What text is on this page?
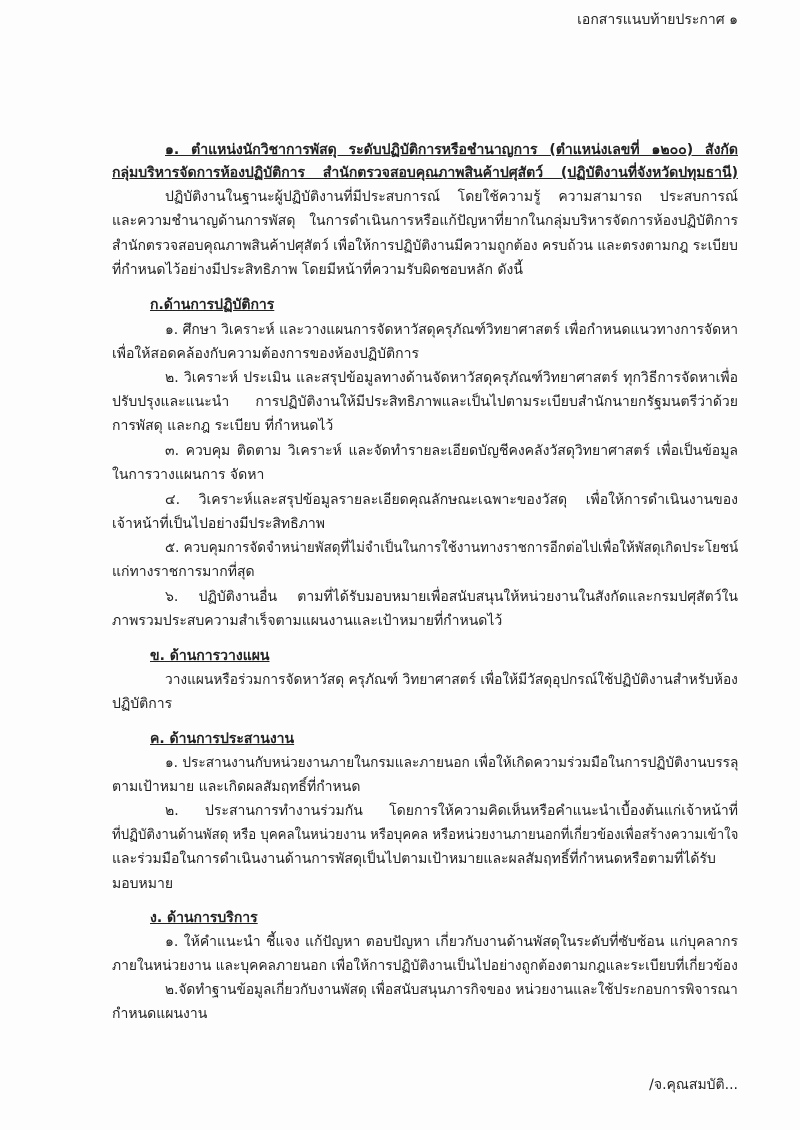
เอกสารแนบท้ายประกาศ ๑
/จ.คุณสมบัติ...
๑. ตำแหน่งนักวิชาการพัสดุ ระดับปฏิบัติการหรือชำนาญการ (ตำแหน่งเลขที่ ๑๒๐๐) สังกัด
กลุ่มบริหารจัดการห้องปฏิบัติการ สำนักตรวจสอบคุณภาพสินค้าปศุสัตว์ (ปฏิบัติงานที่จังหวัดปทุมธานี)
ปฏิบัติงานในฐานะผู้ปฏิบัติงานที่มีประสบการณ์ โดยใช้ความรู้ ความสามารถ ประสบการณ์
และความชำนาญด้านการพัสดุ ในการดำเนินการหรือแก้ปัญหาที่ยากในกลุ่มบริหารจัดการห้องปฏิบัติการ
สำนักตรวจสอบคุณภาพสินค้าปศุสัตว์ เพื่อให้การปฏิบัติงานมีความถูกต้อง ครบถ้วน และตรงตามกฎ ระเบียบ
ที่กำหนดไว้อย่างมีประสิทธิภาพ โดยมีหน้าที่ความรับผิดชอบหลัก ดังนี้
ก.ด้านการปฏิบัติการ
๑. ศึกษา วิเคราะห์ และวางแผนการจัดหาวัสดุครุภัณฑ์วิทยาศาสตร์ เพื่อกำหนดแนวทางการจัดหา
เพื่อให้สอดคล้องกับความต้องการของห้องปฏิบัติการ
๒. วิเคราะห์ ประเมิน และสรุปข้อมูลทางด้านจัดหาวัสดุครุภัณฑ์วิทยาศาสตร์ ทุกวิธีการจัดหาเพื่อ
ปรับปรุงและแนะนำ การปฏิบัติงานให้มีประสิทธิภาพและเป็นไปตามระเบียบสำนักนายกรัฐมนตรีว่าด้วย
การพัสดุ และกฎ ระเบียบ ที่กำหนดไว้
๓. ควบคุม ติดตาม วิเคราะห์ และจัดทำรายละเอียดบัญชีคงคลังวัสดุวิทยาศาสตร์ เพื่อเป็นข้อมูล
ในการวางแผนการ จัดหา
๔. วิเคราะห์และสรุปข้อมูลรายละเอียดคุณลักษณะเฉพาะของวัสดุ เพื่อให้การดำเนินงานของ
เจ้าหน้าที่เป็นไปอย่างมีประสิทธิภาพ
๕. ควบคุมการจัดจำหน่ายพัสดุที่ไม่จำเป็นในการใช้งานทางราชการอีกต่อไปเพื่อให้พัสดุเกิดประโยชน์
แก่ทางราชการมากที่สุด
๖. ปฏิบัติงานอื่น ตามที่ได้รับมอบหมายเพื่อสนับสนุนให้หน่วยงานในสังกัดและกรมปศุสัตว์ใน
ภาพรวมประสบความสำเร็จตามแผนงานและเป้าหมายที่กำหนดไว้
ข. ด้านการวางแผน
วางแผนหรือร่วมการจัดหาวัสดุ ครุภัณฑ์ วิทยาศาสตร์ เพื่อให้มีวัสดุอุปกรณ์ใช้ปฏิบัติงานสำหรับห้อง
ปฏิบัติการ
ค. ด้านการประสานงาน
๑. ประสานงานกับหน่วยงานภายในกรมและภายนอก เพื่อให้เกิดความร่วมมือในการปฏิบัติงานบรรลุ
ตามเป้าหมาย และเกิดผลสัมฤทธิ์ที่กำหนด
๒. ประสานการทำงานร่วมกัน โดยการให้ความคิดเห็นหรือคำแนะนำเบื้องต้นแก่เจ้าหน้าที่
ที่ปฏิบัติงานด้านพัสดุ หรือ บุคคลในหน่วยงาน หรือบุคคล หรือหน่วยงานภายนอกที่เกี่ยวข้องเพื่อสร้างความเข้าใจ
และร่วมมือในการดำเนินงานด้านการพัสดุเป็นไปตามเป้าหมายและผลสัมฤทธิ์ที่กำหนดหรือตามที่ได้รับ
มอบหมาย
ง. ด้านการบริการ
๑. ให้คำแนะนำ ชี้แจง แก้ปัญหา ตอบปัญหา เกี่ยวกับงานด้านพัสดุในระดับที่ซับซ้อน แก่บุคลากร
ภายในหน่วยงาน และบุคคลภายนอก เพื่อให้การปฏิบัติงานเป็นไปอย่างถูกต้องตามกฎและระเบียบที่เกี่ยวข้อง
๒.จัดทำฐานข้อมูลเกี่ยวกับงานพัสดุ เพื่อสนับสนุนภารกิจของ หน่วยงานและใช้ประกอบการพิจารณา
กำหนดแผนงาน
